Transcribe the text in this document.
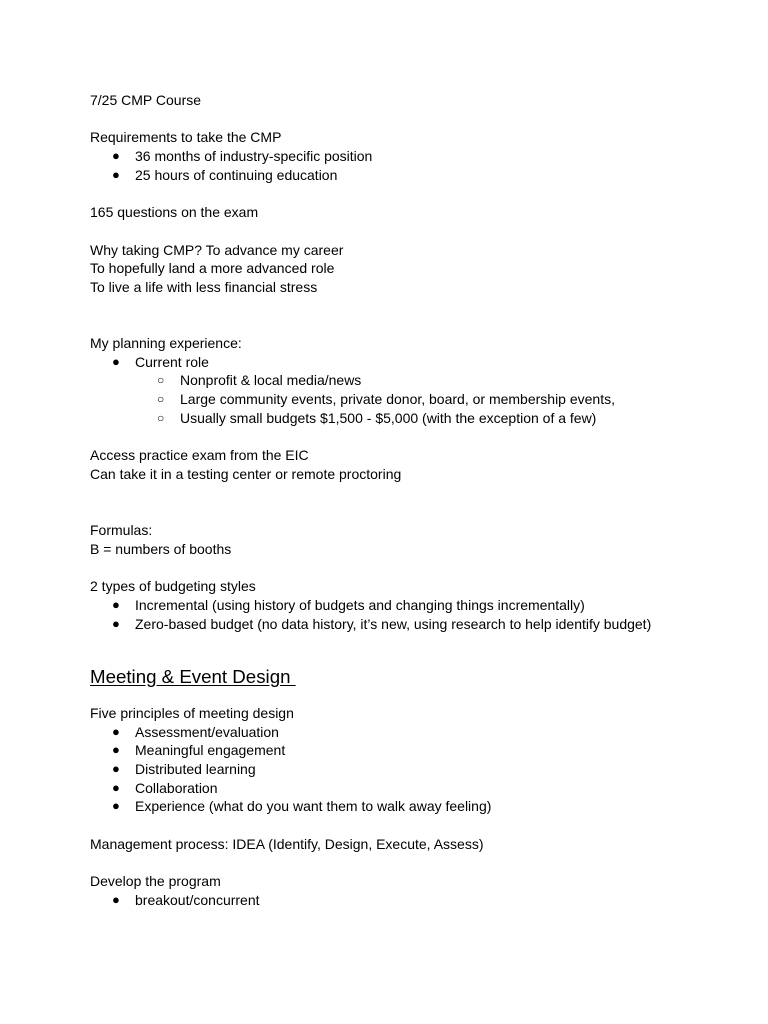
7/25 CMP Course
Requirements to take the CMP
● 36 months of industry-specific position
● 25 hours of continuing education
165 questions on the exam
Why taking CMP? To advance my career
To hopefully land a more advanced role
To live a life with less financial stress
My planning experience:
● Current role
○ Nonprofit & local media/news
○ Large community events, private donor, board, or membership events,
○ Usually small budgets $1,500 - $5,000 (with the exception of a few)
Access practice exam from the EIC
Can take it in a testing center or remote proctoring
Formulas:
B = numbers of booths
2 types of budgeting styles
● Incremental (using history of budgets and changing things incrementally)
● Zero-based budget (no data history, it’s new, using research to help identify budget)
Meeting & Event Design
Five principles of meeting design
● Assessment/evaluation
● Meaningful engagement
● Distributed learning
● Collaboration
● Experience (what do you want them to walk away feeling)
Management process: IDEA (Identify, Design, Execute, Assess)
Develop the program
● breakout/concurrent
